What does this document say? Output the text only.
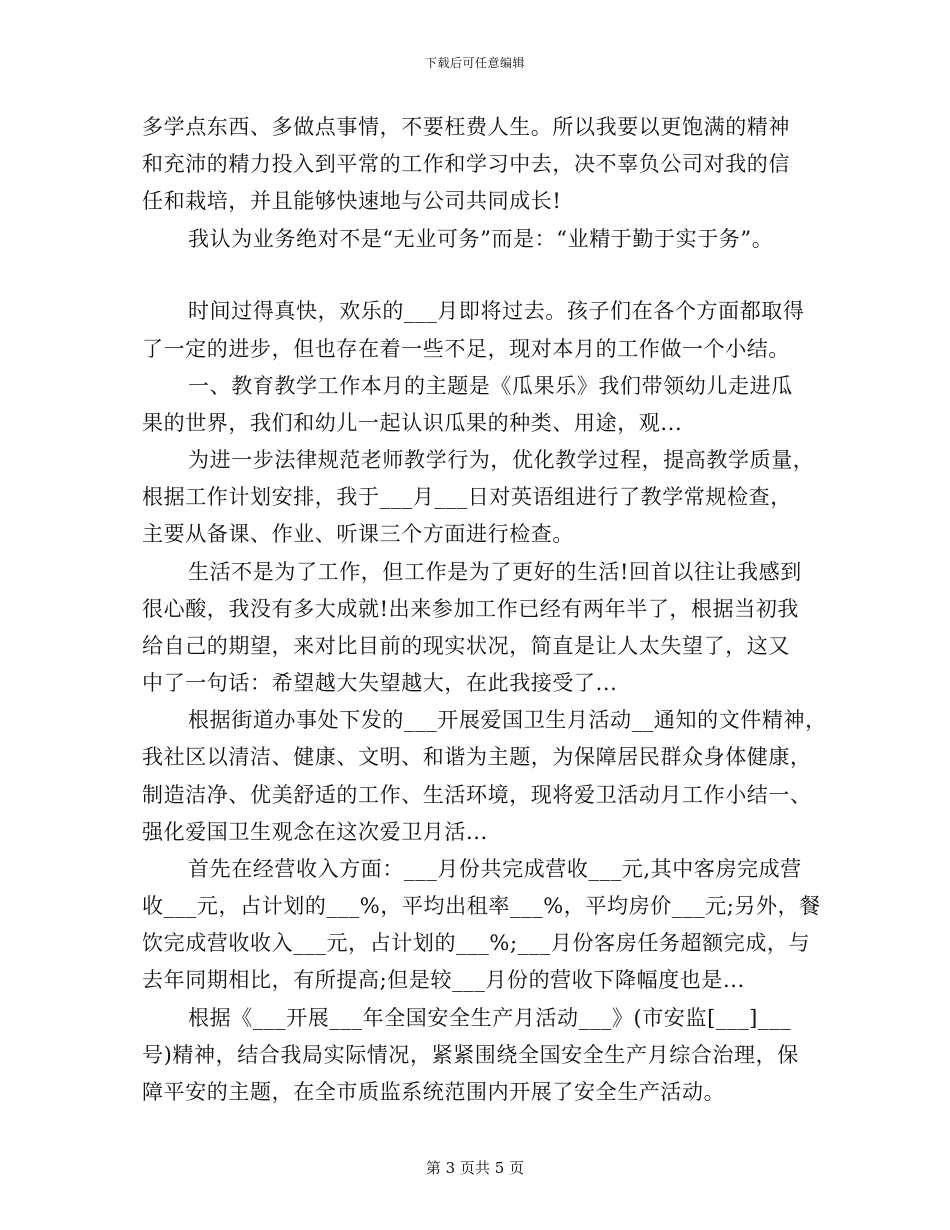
下载后可任意编辑
多学点东西、多做点事情，不要枉费人生。所以我要以更饱满的精神
和充沛的精力投入到平常的工作和学习中去，决不辜负公司对我的信
任和栽培，并且能够快速地与公司共同成长!
我认为业务绝对不是“无业可务”而是：“业精于勤于实于务”。
时间过得真快，欢乐的___月即将过去。孩子们在各个方面都取得
了一定的进步，但也存在着一些不足，现对本月的工作做一个小结。
一、教育教学工作本月的主题是《瓜果乐》我们带领幼儿走进瓜
果的世界，我们和幼儿一起认识瓜果的种类、用途，观...
为进一步法律规范老师教学行为，优化教学过程，提高教学质量，
根据工作计划安排，我于___月___日对英语组进行了教学常规检查，
主要从备课、作业、听课三个方面进行检查。
生活不是为了工作，但工作是为了更好的生活!回首以往让我感到
很心酸，我没有多大成就!出来参加工作已经有两年半了，根据当初我
给自己的期望，来对比目前的现实状况，简直是让人太失望了，这又
中了一句话：希望越大失望越大，在此我接受了...
根据街道办事处下发的___开展爱国卫生月活动__通知的文件精神，
我社区以清洁、健康、文明、和谐为主题，为保障居民群众身体健康，
制造洁净、优美舒适的工作、生活环境，现将爱卫活动月工作小结一、
强化爱国卫生观念在这次爱卫月活...
首先在经营收入方面：___月份共完成营收___元,其中客房完成营
收___元，占计划的___%，平均出租率___%，平均房价___元;另外，餐
饮完成营收收入___元，占计划的___%;___月份客房任务超额完成，与
去年同期相比，有所提高;但是较___月份的营收下降幅度也是...
根据《___开展___年全国安全生产月活动___》(市安监[___]___
号)精神，结合我局实际情况，紧紧围绕全国安全生产月综合治理，保
障平安的主题，在全市质监系统范围内开展了安全生产活动。
第 3 页共 5 页
